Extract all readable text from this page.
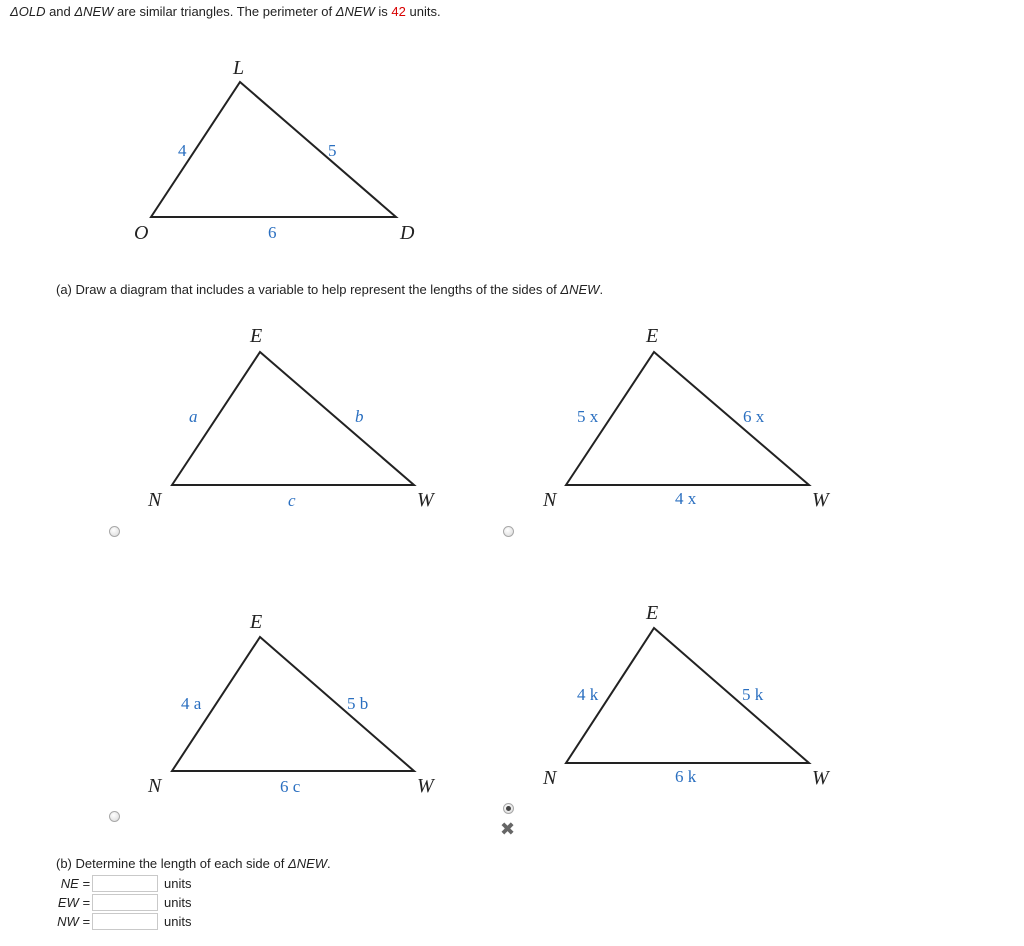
ΔOLD and ΔNEW are similar triangles. The perimeter of ΔNEW is 42 units.
L
O	D
4	5
6
(a) Draw a diagram that includes a variable to help represent the lengths of the sides of ΔNEW.
E
N	W
a	b
c
E
N	W
5 x	6 x
4 x
E
N	W
4 a	5 b
6 c
E
N	W
4 k	5 k
6 k
✖
(b) Determine the length of each side of ΔNEW.
NE =	units
EW =	units
NW =	units
